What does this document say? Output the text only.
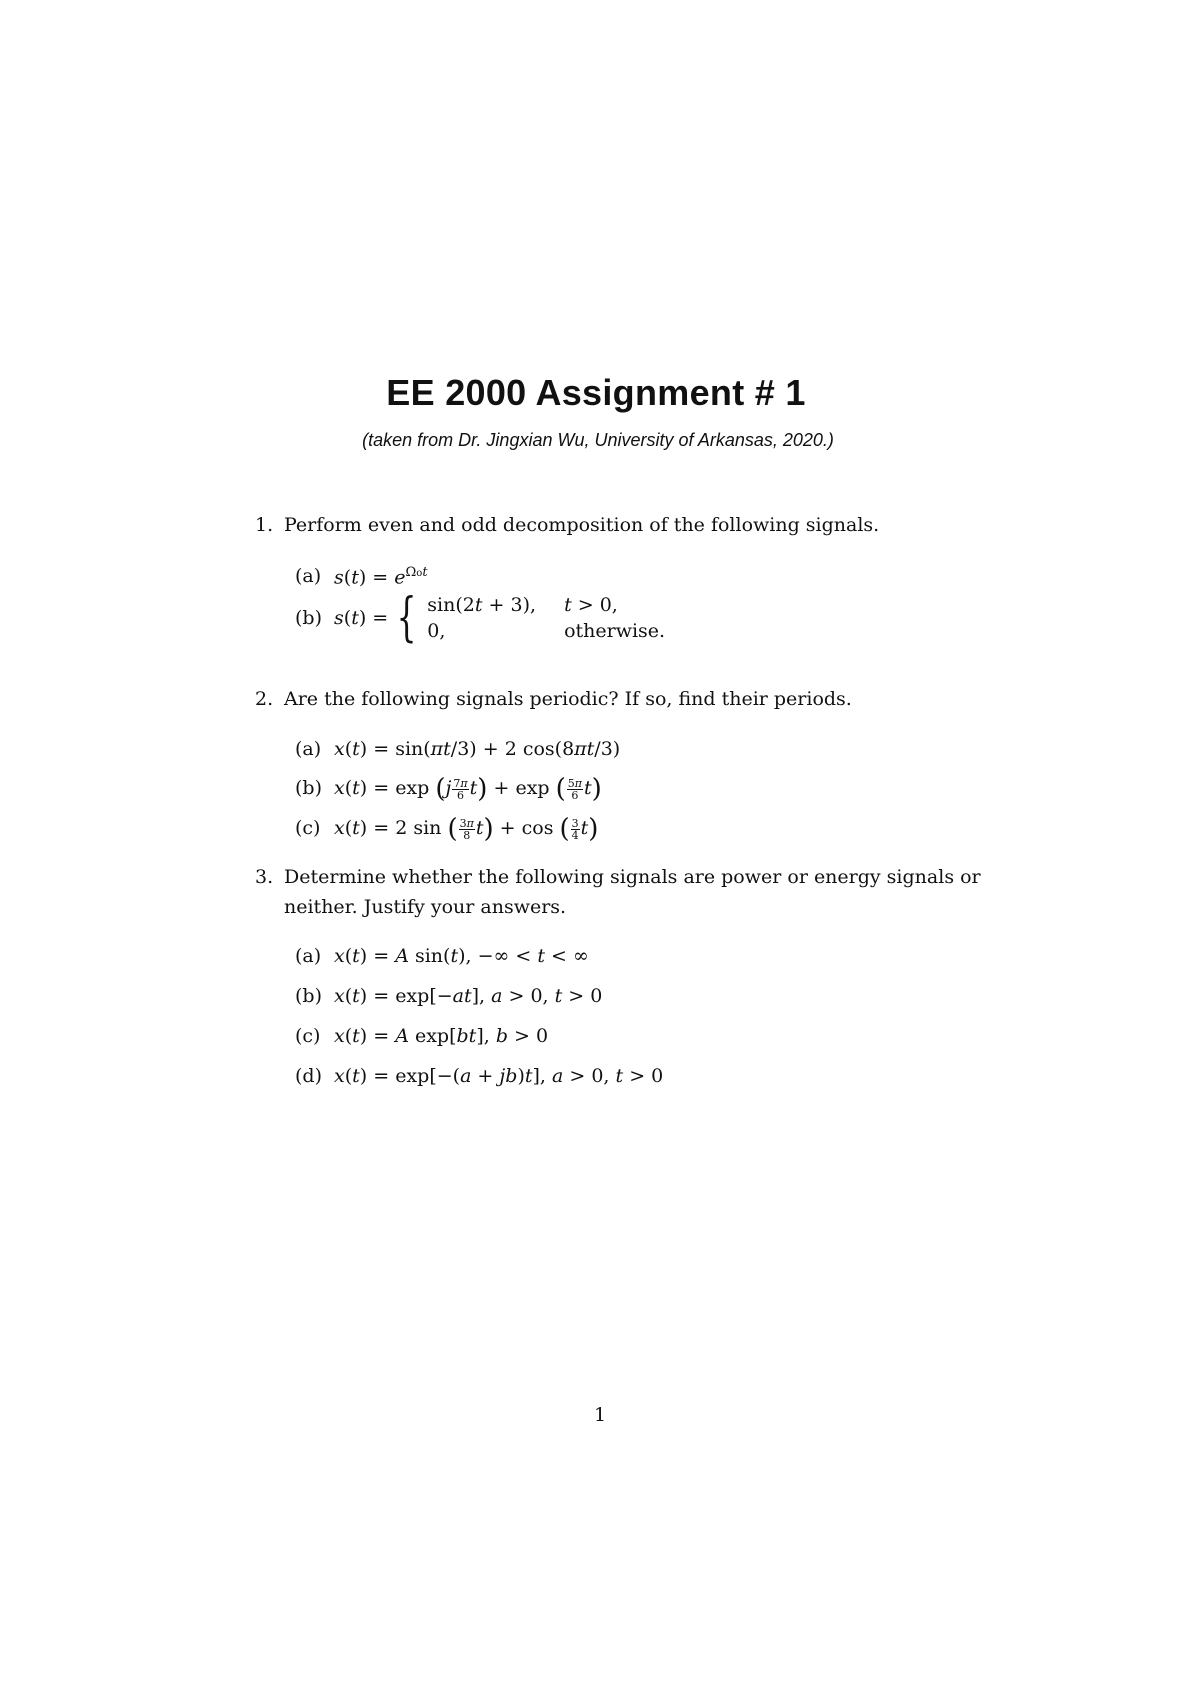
EE 2000 Assignment # 1
(taken from Dr. Jingxian Wu, University of Arkansas, 2020.)
1. Perform even and odd decomposition of the following signals.
(a) $s(t) = e^{\Omega ot}$
(b) s(t) = { sin(2t + 3),	t > 0,
0,	otherwise.
2. Are the following signals periodic? If so, find their periods.
(a) x(t) = sin(πt/3) + 2 cos(8πt/3)
(b) $x(t) = \exp (j \frac{7\pi}{6} t) + \exp$ ( $\frac{5\pi}{6} t$)
(c) x(t) = 2 sin ( $\frac{3\pi}{8} t) + \cos$ ( $\frac{3}{4} t$)
3. Determine whether the following signals are power or energy signals or
neither. Justify your answers.
(a) x(t) = A sin(t), −∞ < t < ∞
(b) x(t) = exp[−at], a > 0, t > 0
(c) x(t) = A exp[bt], b > 0
(d) x(t) = exp[−(a + jb)t], a > 0, t > 0
1
